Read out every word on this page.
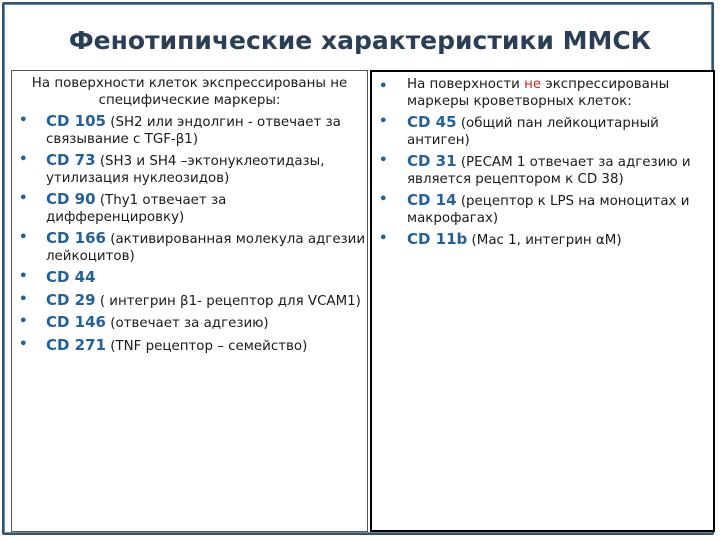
Фенотипические характеристики ММСК
На поверхности клеток экспрессированы не специфические маркеры:
• CD 105 (SH2 или эндолгин - отвечает за связывание с TGF-β1)
• CD 73 (SH3 и SH4 –эктонуклеотидазы, утилизация нуклеозидов)
• CD 90 (Thy1 отвечает за дифференцировку)
• CD 166 (активированная молекула адгезии лейкоцитов)
• CD 44
• CD 29 ( интегрин β1- рецептор для VCAM1)
• CD 146 (отвечает за адгезию)
• CD 271 (TNF рецептор – семейство)
•	На поверхности не экспрессированы маркеры кроветворных клеток:
• CD 45 (общий пан лейкоцитарный антиген)
• CD 31 (PECAM 1 отвечает за адгезию и является рецептором к CD 38)
• CD 14 (рецептор к LPS на моноцитах и макрофагах)
• CD 11b (Mac 1, интегрин αM)
